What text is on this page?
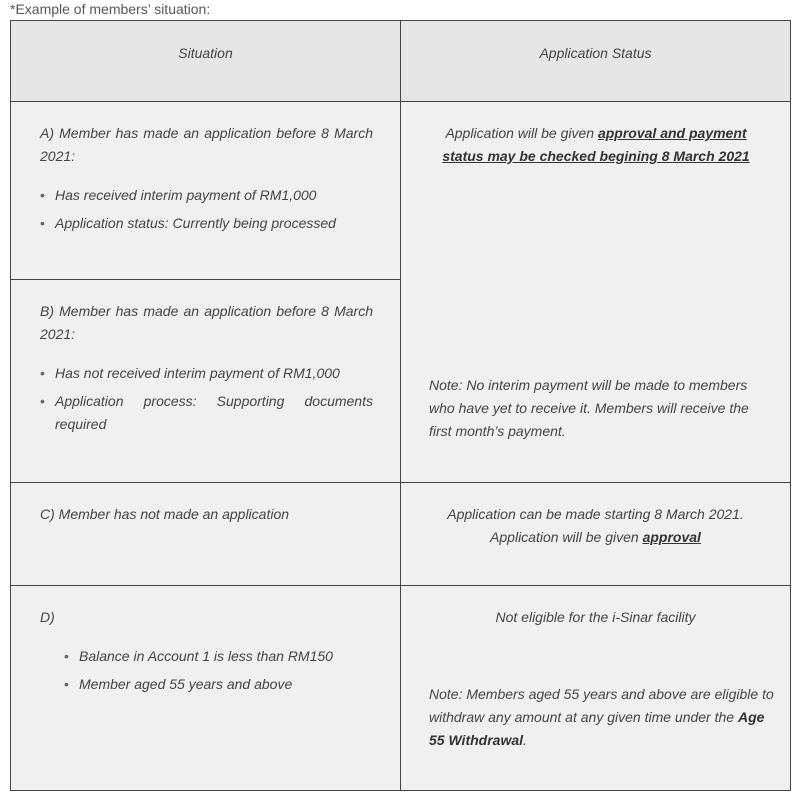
*Example of members’ situation:
Situation	Application Status
A) Member has made an application before 8 March 2021:
• Has received interim payment of RM1,000
• Application status: Currently being processed
B) Member has made an application before 8 March 2021:
• Has not received interim payment of RM1,000
• Application process: Supporting documents required
Application will be given approval and payment status may be checked begining 8 March 2021
Note: No interim payment will be made to members who have yet to receive it. Members will receive the first month’s payment.
C) Member has not made an application	Application can be made starting 8 March 2021.
Application will be given approval
D)
• Balance in Account 1 is less than RM150
• Member aged 55 years and above
Not eligible for the i-Sinar facility
Note: Members aged 55 years and above are eligible to withdraw any amount at any given time under the Age 55 Withdrawal.
